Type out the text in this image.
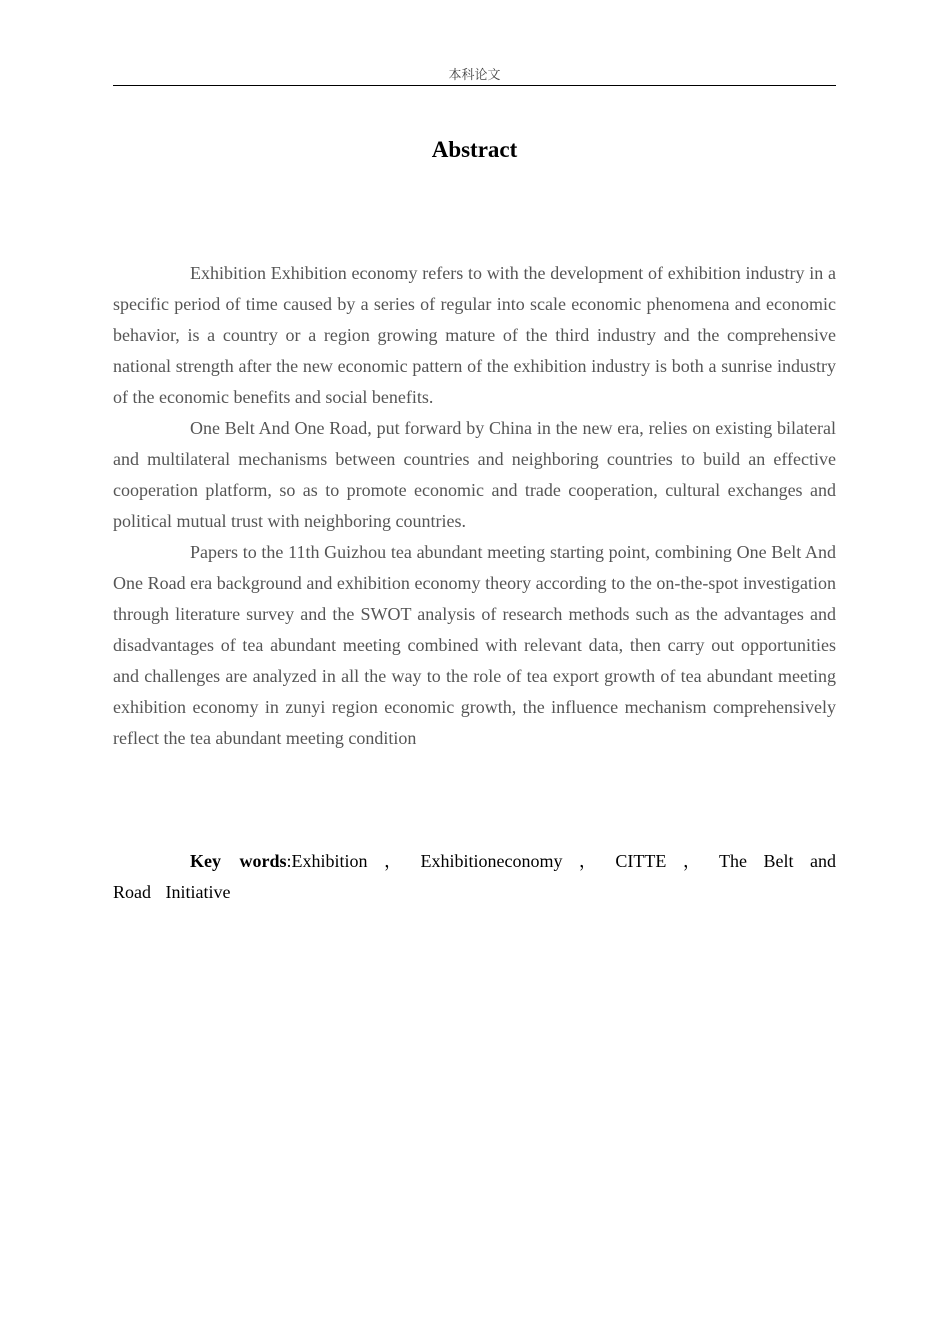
本科论文
Abstract

Exhibition Exhibition economy refers to with the development of exhibition industry in a specific period of time caused by a series of regular into scale economic phenomena and economic behavior, is a country or a region growing mature of the third industry and the comprehensive national strength after the new economic pattern of the exhibition industry is both a sunrise industry of the economic benefits and social benefits.

One Belt And One Road, put forward by China in the new era, relies on existing bilateral and multilateral mechanisms between countries and neighboring countries to build an effective cooperation platform, so as to promote economic and trade cooperation, cultural exchanges and political mutual trust with neighboring countries.

Papers to the 11th Guizhou tea abundant meeting starting point, combining One Belt And One Road era background and exhibition economy theory according to the on-the-spot investigation through literature survey and the SWOT analysis of research methods such as the advantages and disadvantages of tea abundant meeting combined with relevant data, then carry out opportunities and challenges are analyzed in all the way to the role of tea export growth of tea abundant meeting exhibition economy in zunyi region economic growth, the influence mechanism comprehensively reflect the tea abundant meeting condition

Key words:Exhibition ， Exhibitioneconomy ， CITTE ， The Belt and Road Initiative
